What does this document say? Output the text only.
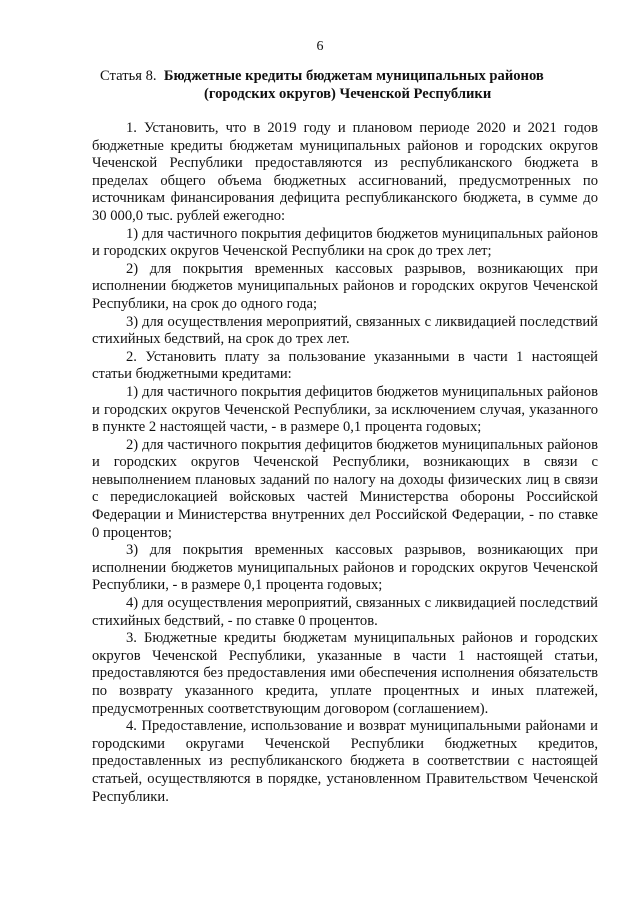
6
Статья 8. Бюджетные кредиты бюджетам муниципальных районов
(городских округов) Чеченской Республики

1. Установить, что в 2019 году и плановом периоде 2020 и 2021 годов бюджетные кредиты бюджетам муниципальных районов и городских округов Чеченской Республики предоставляются из республиканского бюджета в пределах общего объема бюджетных ассигнований, предусмотренных по источникам финансирования дефицита республиканского бюджета, в сумме до 30 000,0 тыс. рублей ежегодно:

1) для частичного покрытия дефицитов бюджетов муниципальных районов и городских округов Чеченской Республики на срок до трех лет;

2) для покрытия временных кассовых разрывов, возникающих при исполнении бюджетов муниципальных районов и городских округов Чеченской Республики, на срок до одного года;

3) для осуществления мероприятий, связанных с ликвидацией последствий стихийных бедствий, на срок до трех лет.

2. Установить плату за пользование указанными в части 1 настоящей статьи бюджетными кредитами:

1) для частичного покрытия дефицитов бюджетов муниципальных районов и городских округов Чеченской Республики, за исключением случая, указанного в пункте 2 настоящей части, - в размере 0,1 процента годовых;

2) для частичного покрытия дефицитов бюджетов муниципальных районов и городских округов Чеченской Республики, возникающих в связи с невыполнением плановых заданий по налогу на доходы физических лиц в связи с передислокацией войсковых частей Министерства обороны Российской Федерации и Министерства внутренних дел Российской Федерации, - по ставке 0 процентов;

3) для покрытия временных кассовых разрывов, возникающих при исполнении бюджетов муниципальных районов и городских округов Чеченской Республики, - в размере 0,1 процента годовых;

4) для осуществления мероприятий, связанных с ликвидацией последствий стихийных бедствий, - по ставке 0 процентов.

3. Бюджетные кредиты бюджетам муниципальных районов и городских округов Чеченской Республики, указанные в части 1 настоящей статьи, предоставляются без предоставления ими обеспечения исполнения обязательств по возврату указанного кредита, уплате процентных и иных платежей, предусмотренных соответствующим договором (соглашением).

4. Предоставление, использование и возврат муниципальными районами и городскими округами Чеченской Республики бюджетных кредитов, предоставленных из республиканского бюджета в соответствии с настоящей статьей, осуществляются в порядке, установленном Правительством Чеченской Республики.
